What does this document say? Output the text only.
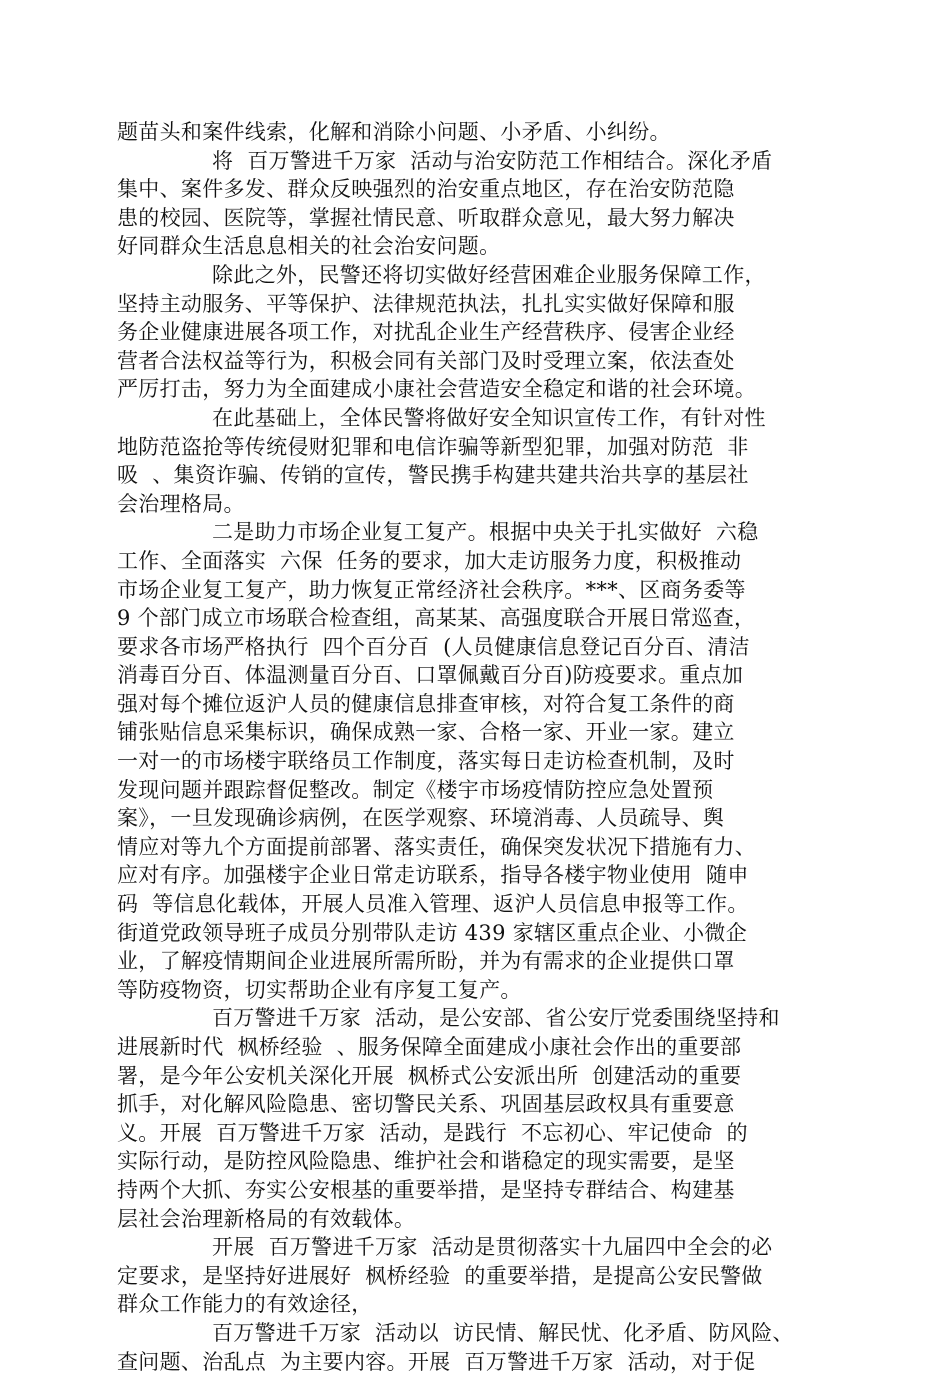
题苗头和案件线索，化解和消除小问题、小矛盾、小纠纷。
将  百万警进千万家  活动与治安防范工作相结合。深化矛盾
集中、案件多发、群众反映强烈的治安重点地区，存在治安防范隐
患的校园、医院等，掌握社情民意、听取群众意见，最大努力解决
好同群众生活息息相关的社会治安问题。
除此之外，民警还将切实做好经营困难企业服务保障工作，
坚持主动服务、平等保护、法律规范执法，扎扎实实做好保障和服
务企业健康进展各项工作，对扰乱企业生产经营秩序、侵害企业经
营者合法权益等行为，积极会同有关部门及时受理立案，依法查处
严厉打击，努力为全面建成小康社会营造安全稳定和谐的社会环境。
在此基础上，全体民警将做好安全知识宣传工作，有针对性
地防范盗抢等传统侵财犯罪和电信诈骗等新型犯罪，加强对防范  非
吸  、集资诈骗、传销的宣传，警民携手构建共建共治共享的基层社
会治理格局。
二是助力市场企业复工复产。根据中央关于扎实做好  六稳
工作、全面落实  六保  任务的要求，加大走访服务力度，积极推动
市场企业复工复产，助力恢复正常经济社会秩序。***、区商务委等
9 个部门成立市场联合检查组，高某某、高强度联合开展日常巡查，
要求各市场严格执行  四个百分百  (人员健康信息登记百分百、清洁
消毒百分百、体温测量百分百、口罩佩戴百分百)防疫要求。重点加
强对每个摊位返沪人员的健康信息排查审核，对符合复工条件的商
铺张贴信息采集标识，确保成熟一家、合格一家、开业一家。建立
一对一的市场楼宇联络员工作制度，落实每日走访检查机制，及时
发现问题并跟踪督促整改。制定《楼宇市场疫情防控应急处置预
案》，一旦发现确诊病例，在医学观察、环境消毒、人员疏导、舆
情应对等九个方面提前部署、落实责任，确保突发状况下措施有力、
应对有序。加强楼宇企业日常走访联系，指导各楼宇物业使用  随申
码  等信息化载体，开展人员准入管理、返沪人员信息申报等工作。
街道党政领导班子成员分别带队走访 439 家辖区重点企业、小微企
业，了解疫情期间企业进展所需所盼，并为有需求的企业提供口罩
等防疫物资，切实帮助企业有序复工复产。
百万警进千万家  活动，是公安部、省公安厅党委围绕坚持和
进展新时代  枫桥经验  、服务保障全面建成小康社会作出的重要部
署，是今年公安机关深化开展  枫桥式公安派出所  创建活动的重要
抓手，对化解风险隐患、密切警民关系、巩固基层政权具有重要意
义。开展  百万警进千万家  活动，是践行  不忘初心、牢记使命  的
实际行动，是防控风险隐患、维护社会和谐稳定的现实需要，是坚
持两个大抓、夯实公安根基的重要举措，是坚持专群结合、构建基
层社会治理新格局的有效载体。
开展  百万警进千万家  活动是贯彻落实十九届四中全会的必
定要求，是坚持好进展好  枫桥经验  的重要举措，是提高公安民警做
群众工作能力的有效途径，
百万警进千万家  活动以  访民情、解民忧、化矛盾、防风险、
查问题、治乱点  为主要内容。开展  百万警进千万家  活动，对于促
